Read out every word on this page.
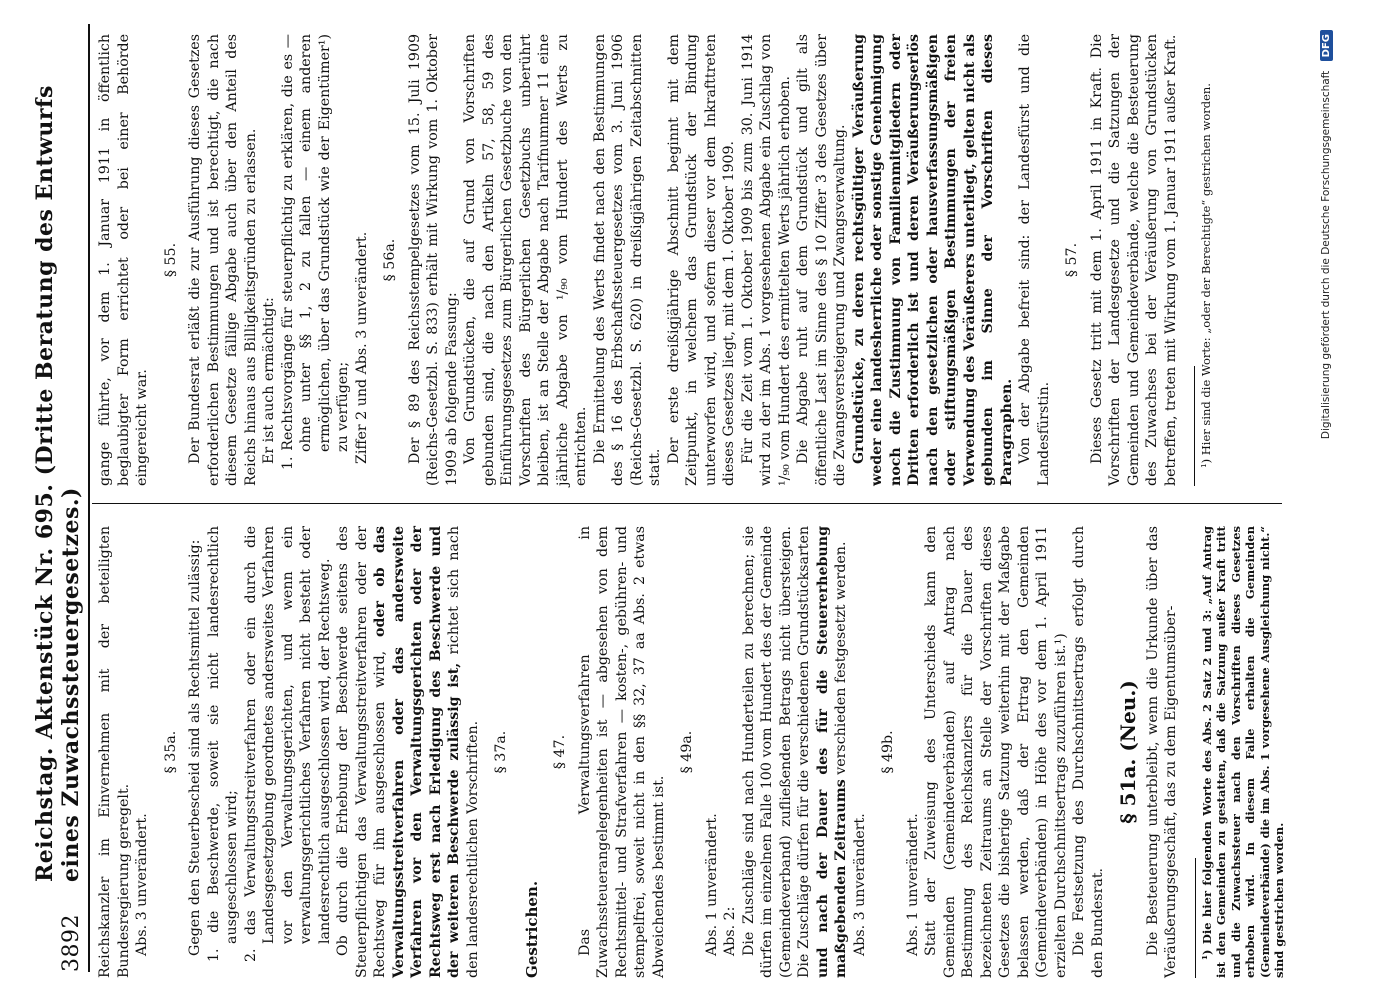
3892
Reichstag. Aktenstück Nr. 695. (Dritte Beratung des Entwurfs eines Zuwachssteuergesetzes.) Reichskanzler im Einvernehmen mit der beteiligten Bundesregierung geregelt. Abs. 3 unverändert.

§ 35a. Gegen den Steuerbescheid sind als Rechtsmittel zulässig: 1. die Beschwerde, soweit sie nicht landesrechtlich ausgeschlossen wird; 2. das Verwaltungsstreitverfahren oder ein durch die Landesgesetzgebung geordnetes andersweites Verfahren vor den Verwaltungsgerichten, und wenn ein verwaltungsgerichtliches Verfahren nicht besteht oder landesrechtlich ausgeschlossen wird, der Rechtsweg. Ob durch die Erhebung der Beschwerde seitens des Steuerpflichtigen das Verwaltungsstreitverfahren oder der Rechtsweg für ihn ausgeschlossen wird, oder ob das Verwaltungsstreitverfahren oder das andersweite Verfahren vor den Verwaltungsgerichten oder der Rechtsweg erst nach Erledigung des Beschwerde und der weiteren Beschwerde zulässig ist, richtet sich nach den landesrechtlichen Vorschriften. § 37a.
Gestrichen.
§ 47. Das Verwaltungsverfahren in Zuwachssteuerangelegenheiten ist — abgesehen von dem Rechtsmittel- und Strafverfahren — kosten-, gebühren- und stempelfrei, soweit nicht in den §§ 32, 37 aa Abs. 2 etwas Abweichendes bestimmt ist.

§ 49a.

Abs. 1 unverändert. Abs. 2: Die Zuschläge sind nach Hunderteilen zu berechnen; sie dürfen im einzelnen Falle 100 vom Hundert des der Gemeinde (Gemeindeverband) zufließenden Betrags nicht übersteigen. Die Zuschläge dürfen für die verschiedenen Grundstücksarten und nach der Dauer des für die Steuererhebung maßgebenden Zeitraums verschieden festgesetzt werden.

Abs. 3 unverändert.

§ 49b.

Abs. 1 unverändert. Statt der Zuweisung des Unterschieds kann den Gemeinden (Gemeindeverbänden) auf Antrag nach Bestimmung des Reichskanzlers für die Dauer des bezeichneten Zeitraums an Stelle der Vorschriften dieses Gesetzes die bisherige Satzung weiterhin mit der Maßgabe belassen werden, daß der Ertrag den Gemeinden (Gemeindeverbänden) in Höhe des vor dem 1. April 1911 erzielten Durchschnittsertrags zuzuführen ist.¹) Die Festsetzung des Durchschnittsertrags erfolgt durch den Bundesrat.

§ 51a. (Neu.) Die Besteuerung unterbleibt, wenn die Urkunde über das Veräußerungsgeschäft, das zu dem Eigentumsüber- ¹) Die hier folgenden Worte des Abs. 2 Satz 2 und 3: „Auf Antrag ist den Gemeinden zu gestatten, daß die Satzung außer Kraft tritt und die Zuwachssteuer nach den Vorschriften dieses Gesetzes erhoben wird. In diesem Falle erhalten die Gemeinden (Gemeindeverbände) die im Abs. 1 vorgesehene Ausgleichung nicht.“ sind gestrichen worden.

gange führte, vor dem 1. Januar 1911 in öffentlich beglaubigter Form errichtet oder bei einer Behörde eingereicht war.

§ 55. Der Bundesrat erläßt die zur Ausführung dieses Gesetzes erforderlichen Bestimmungen und ist berechtigt, die nach diesem Gesetze fällige Abgabe auch über den Anteil des Reichs hinaus aus Billigkeitsgründen zu erlassen. Er ist auch ermächtigt: 1. Rechtsvorgänge für steuerpflichtig zu erklären, die es — ohne unter §§ 1, 2 zu fallen — einem anderen ermöglichen, über das Grundstück wie der Eigentümer¹) zu verfügen; Ziffer 2 und Abs. 3 unverändert. § 56a. Der § 89 des Reichsstempelgesetzes vom 15. Juli 1909 (Reichs-Gesetzbl. S. 833) erhält mit Wirkung vom 1. Oktober 1909 ab folgende Fassung: Von Grundstücken, die auf Grund von Vorschriften gebunden sind, die nach den Artikeln 57, 58, 59 des Einführungsgesetzes zum Bürgerlichen Gesetzbuche von den Vorschriften des Bürgerlichen Gesetzbuchs unberührt bleiben, ist an Stelle der Abgabe nach Tarifnummer 11 eine jährliche Abgabe von ¹/₉₀ vom Hundert des Werts zu entrichten. Die Ermittelung des Werts findet nach den Bestimmungen des § 16 des Erbschaftssteuergesetzes vom 3. Juni 1906 (Reichs-Gesetzbl. S. 620) in dreißigjährigen Zeitabschnitten statt.

Der erste dreißigjährige Abschnitt beginnt mit dem Zeitpunkt, in welchem das Grundstück der Bindung unterworfen wird, und sofern dieser vor dem Inkrafttreten dieses Gesetzes liegt, mit dem 1. Oktober 1909. Für die Zeit vom 1. Oktober 1909 bis zum 30. Juni 1914 wird zu der im Abs. 1 vorgesehenen Abgabe ein Zuschlag von ¹/₉₀ vom Hundert des ermittelten Werts jährlich erhoben. Die Abgabe ruht auf dem Grundstück und gilt als öffentliche Last im Sinne des § 10 Ziffer 3 des Gesetzes über die Zwangsversteigerung und Zwangsverwaltung. Grundstücke, zu deren rechtsgültiger Veräußerung weder eine landesherrliche oder sonstige Genehmigung noch die Zustimmung von Familienmitgliedern oder Dritten erforderlich ist und deren Veräußerungserlös nach den gesetzlichen oder hausverfassungsmäßigen oder stiftungsmäßigen Bestimmungen der freien Verwendung des Veräußerers unterliegt, gelten nicht als gebunden im Sinne der Vorschriften dieses Paragraphen. Von der Abgabe befreit sind: der Landesfürst und die Landesfürstin.

§ 57. Dieses Gesetz tritt mit dem 1. April 1911 in Kraft. Die Vorschriften der Landesgesetze und die Satzungen der Gemeinden und Gemeindeverbände, welche die Besteuerung des Zuwachses bei der Veräußerung von Grundstücken betreffen, treten mit Wirkung vom 1. Januar 1911 außer Kraft. ¹) Hier sind die Worte: „oder der Berechtigte“ gestrichen worden.	Digitalisierung gefördert durch die Deutsche Forschungsgemeinschaft DFG
